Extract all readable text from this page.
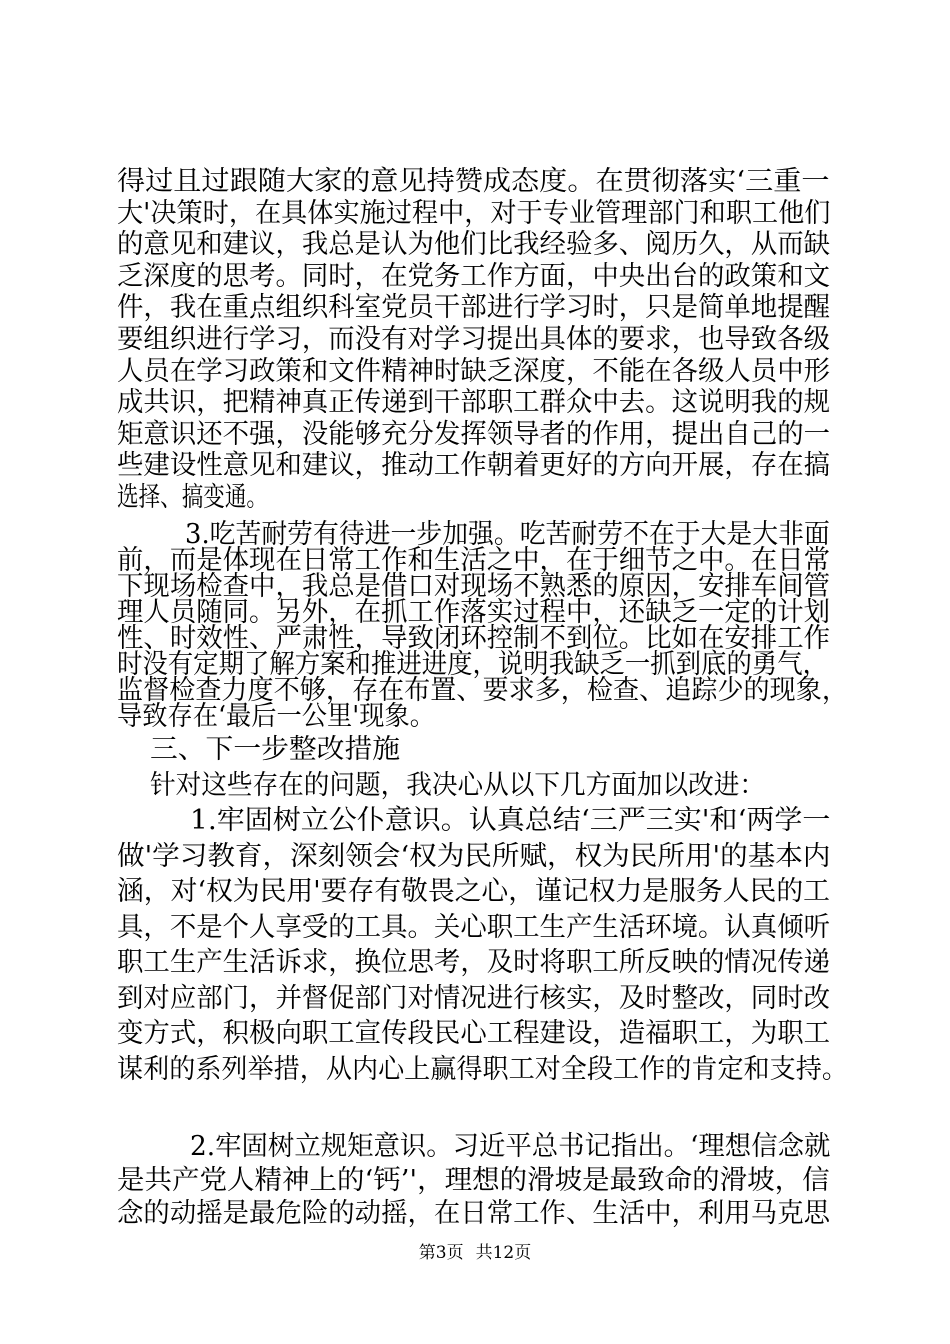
得过且过跟随大家的意见持赞成态度。在贯彻落实‘三重一
大'决策时，在具体实施过程中，对于专业管理部门和职工他们
的意见和建议，我总是认为他们比我经验多、阅历久，从而缺
乏深度的思考。同时，在党务工作方面，中央出台的政策和文
件，我在重点组织科室党员干部进行学习时，只是简单地提醒
要组织进行学习，而没有对学习提出具体的要求，也导致各级
人员在学习政策和文件精神时缺乏深度，不能在各级人员中形
成共识，把精神真正传递到干部职工群众中去。这说明我的规
矩意识还不强，没能够充分发挥领导者的作用，提出自己的一
些建设性意见和建议，推动工作朝着更好的方向开展，存在搞
选择、搞变通。
3.吃苦耐劳有待进一步加强。吃苦耐劳不在于大是大非面
前，而是体现在日常工作和生活之中，在于细节之中。在日常
下现场检查中，我总是借口对现场不熟悉的原因，安排车间管
理人员随同。另外，在抓工作落实过程中，还缺乏一定的计划
性、时效性、严肃性，导致闭环控制不到位。比如在安排工作
时没有定期了解方案和推进进度，说明我缺乏一抓到底的勇气，
监督检查力度不够，存在布置、要求多，检查、追踪少的现象，
导致存在‘最后一公里'现象。
三、下一步整改措施
针对这些存在的问题，我决心从以下几方面加以改进：
1.牢固树立公仆意识。认真总结‘三严三实'和‘两学一
做'学习教育，深刻领会‘权为民所赋，权为民所用'的基本内
涵，对‘权为民用'要存有敬畏之心，谨记权力是服务人民的工
具，不是个人享受的工具。关心职工生产生活环境。认真倾听
职工生产生活诉求，换位思考，及时将职工所反映的情况传递
到对应部门，并督促部门对情况进行核实，及时整改，同时改
变方式，积极向职工宣传段民心工程建设，造福职工，为职工
谋利的系列举措，从内心上赢得职工对全段工作的肯定和支持。
2.牢固树立规矩意识。习近平总书记指出。‘理想信念就
是共产党人精神上的‘钙’'，理想的滑坡是最致命的滑坡，信
念的动摇是最危险的动摇，在日常工作、生活中，利用马克思
第3页 共12页
